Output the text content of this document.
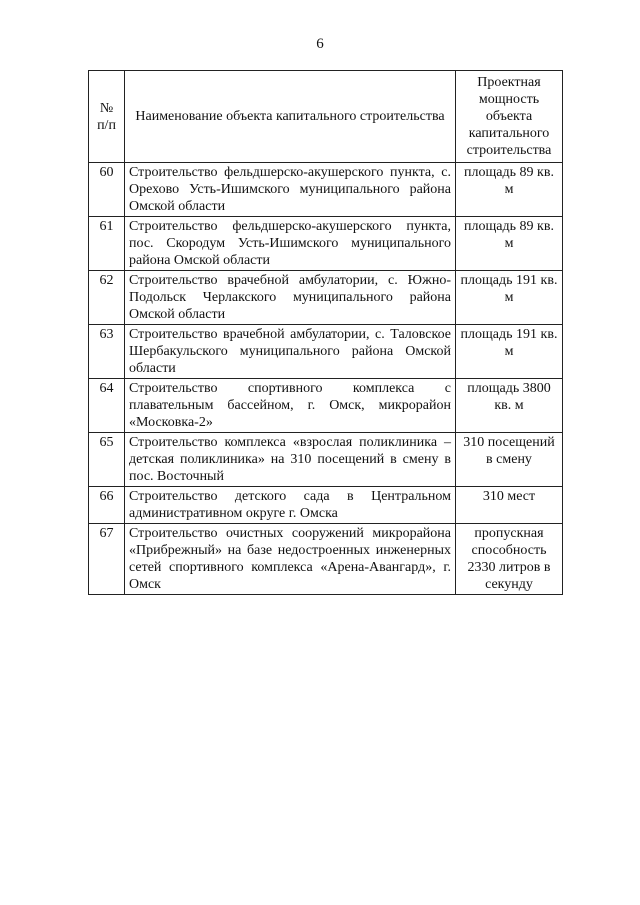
6
№ п/п	Наименование объекта капитального строительства	Проектная мощность объекта капитального строительства
60	Строительство фельдшерско-акушерского пункта, с. Орехово Усть-Ишимского муниципального района Омской области	площадь 89 кв. м
61	Строительство фельдшерско-акушерского пункта, пос. Скородум Усть-Ишимского муниципального района Омской области	площадь 89 кв. м
62	Строительство врачебной амбулатории, с. Южно-Подольск Черлакского муниципального района Омской области	площадь 191 кв. м
63	Строительство врачебной амбулатории, с. Таловское Шербакульского муниципального района Омской области	площадь 191 кв. м
64	Строительство спортивного комплекса с плавательным бассейном, г. Омск, микрорайон «Московка-2»	площадь 3800 кв. м
65	Строительство комплекса «взрослая поликлиника – детская поликлиника» на 310 посещений в смену в пос. Восточный	310 посещений в смену
66	Строительство детского сада в Центральном административном округе г. Омска	310 мест
67	Строительство очистных сооружений микрорайона «Прибрежный» на базе недостроенных инженерных сетей спортивного комплекса «Арена-Авангард», г. Омск	пропускная способность 2330 литров в секунду
